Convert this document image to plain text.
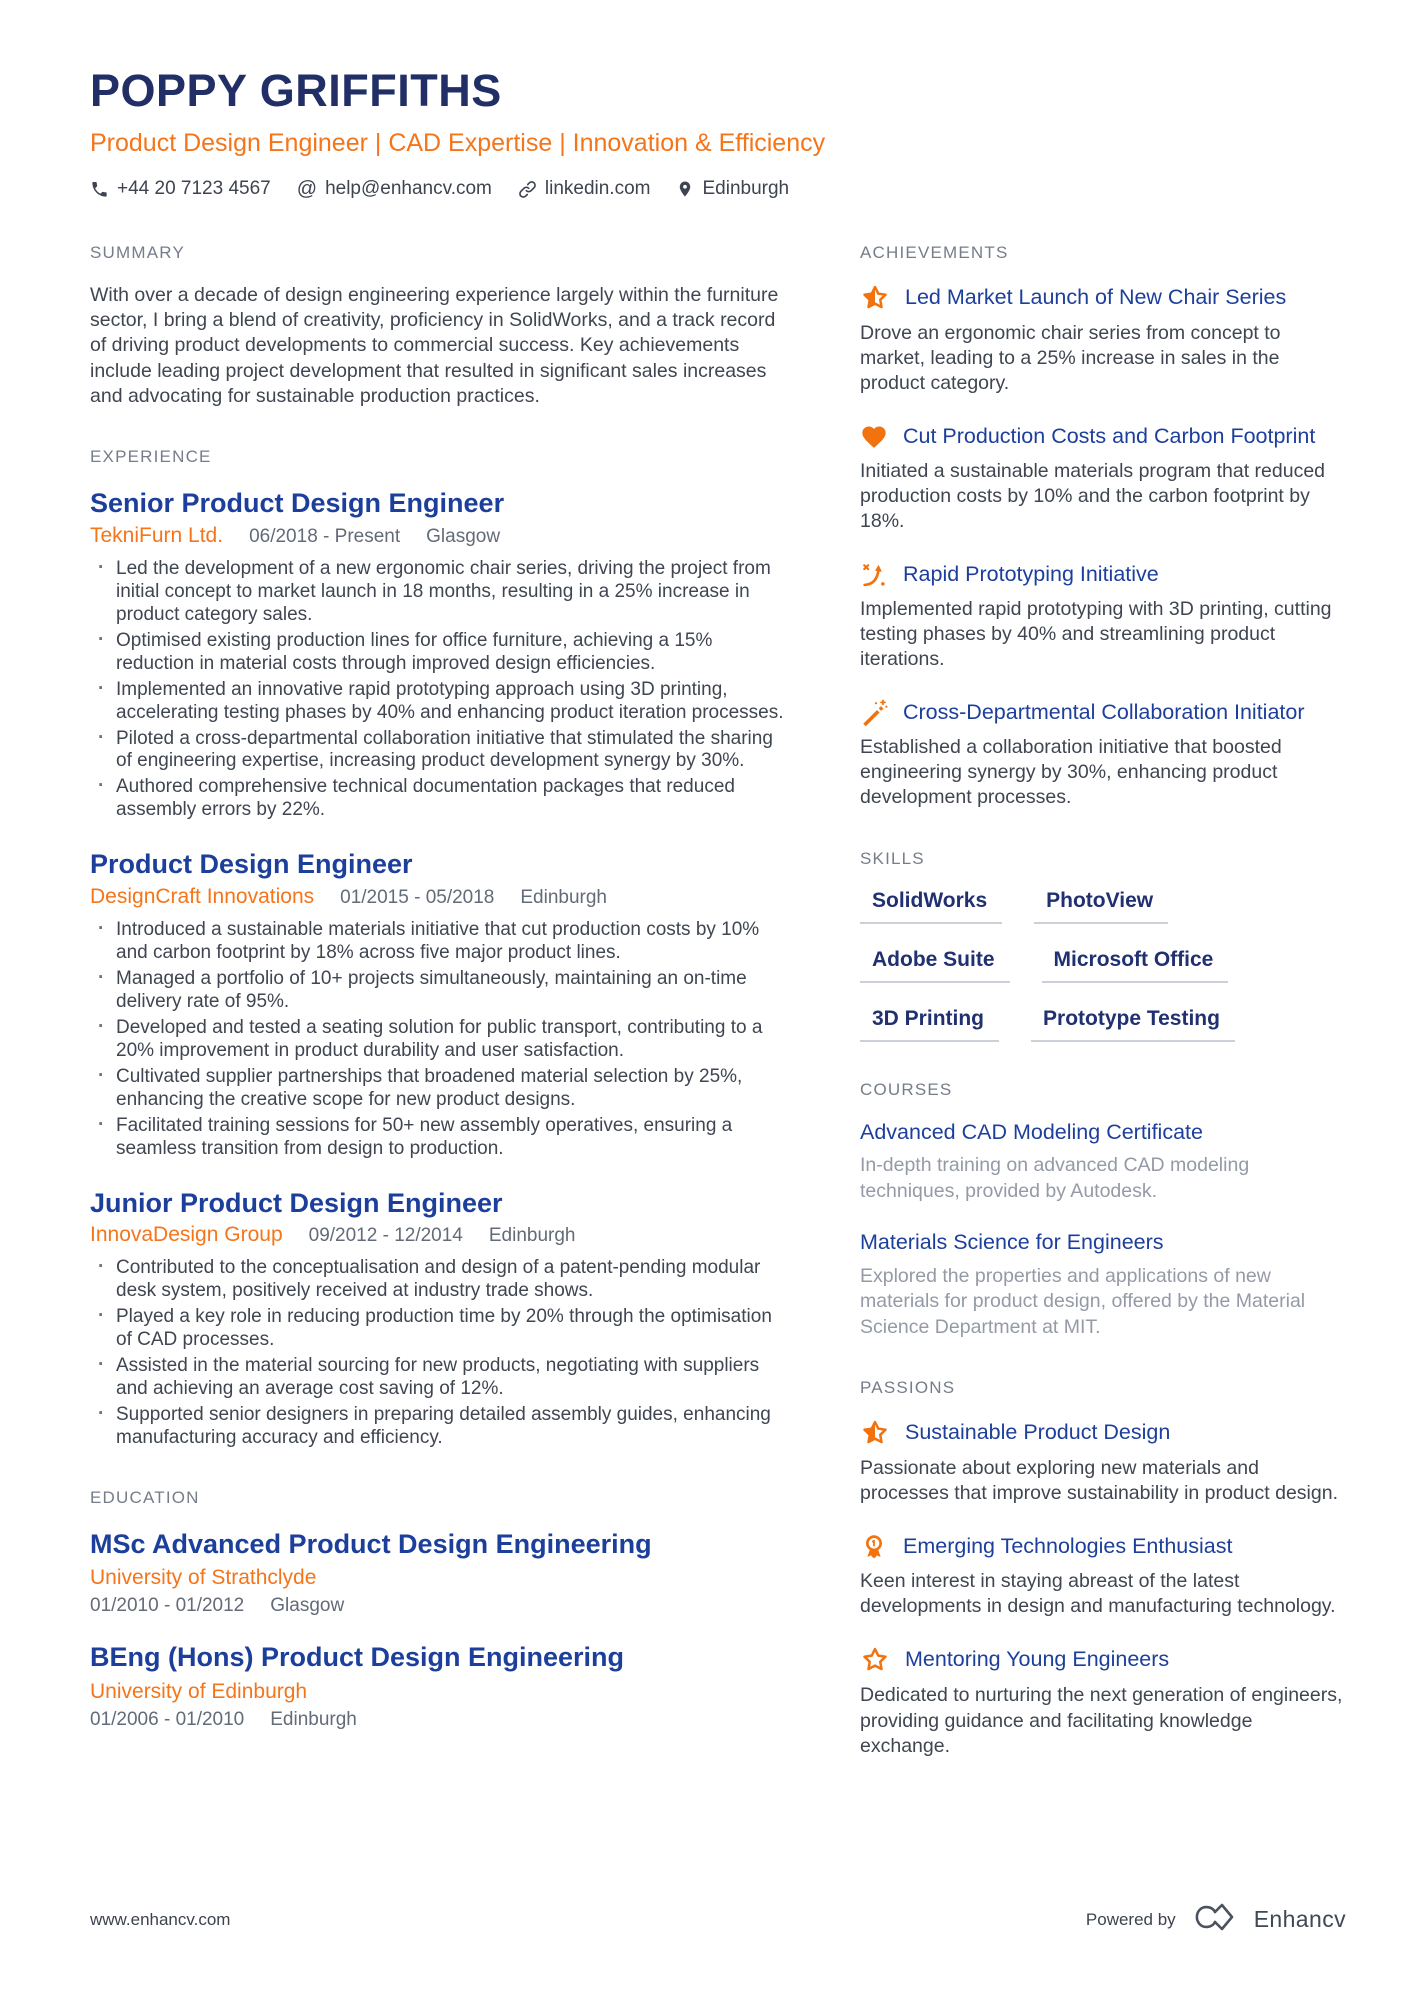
POPPY GRIFFITHS
Product Design Engineer | CAD Expertise | Innovation & Efficiency
+44 20 7123 4567 @ help@enhancv.com	linkedin.com	Edinburgh
SUMMARY
With over a decade of design engineering experience largely within the furniture sector, I bring a blend of creativity, proficiency in SolidWorks, and a track record of driving product developments to commercial success. Key achievements include leading project development that resulted in significant sales increases and advocating for sustainable production practices.
EXPERIENCE
Senior Product Design Engineer
TekniFurn Ltd. 06/2018 - Present Glasgow
· Led the development of a new ergonomic chair series, driving the project from initial concept to market launch in 18 months, resulting in a 25% increase in product category sales.
· Optimised existing production lines for office furniture, achieving a 15% reduction in material costs through improved design efficiencies.
· Implemented an innovative rapid prototyping approach using 3D printing, accelerating testing phases by 40% and enhancing product iteration processes.
· Piloted a cross-departmental collaboration initiative that stimulated the sharing of engineering expertise, increasing product development synergy by 30%.
· Authored comprehensive technical documentation packages that reduced assembly errors by 22%.
Product Design Engineer
DesignCraft Innovations 01/2015 - 05/2018 Edinburgh
· Introduced a sustainable materials initiative that cut production costs by 10% and carbon footprint by 18% across five major product lines.
· Managed a portfolio of 10+ projects simultaneously, maintaining an on-time delivery rate of 95%.
· Developed and tested a seating solution for public transport, contributing to a 20% improvement in product durability and user satisfaction.
· Cultivated supplier partnerships that broadened material selection by 25%, enhancing the creative scope for new product designs.
· Facilitated training sessions for 50+ new assembly operatives, ensuring a seamless transition from design to production.
Junior Product Design Engineer
InnovaDesign Group 09/2012 - 12/2014 Edinburgh
· Contributed to the conceptualisation and design of a patent-pending modular desk system, positively received at industry trade shows.
· Played a key role in reducing production time by 20% through the optimisation of CAD processes.
· Assisted in the material sourcing for new products, negotiating with suppliers and achieving an average cost saving of 12%.
· Supported senior designers in preparing detailed assembly guides, enhancing manufacturing accuracy and efficiency.
EDUCATION
MSc Advanced Product Design Engineering
University of Strathclyde
01/2010 - 01/2012 Glasgow
BEng (Hons) Product Design Engineering
University of Edinburgh
01/2006 - 01/2010 Edinburgh
ACHIEVEMENTS
Led Market Launch of New Chair Series
Drove an ergonomic chair series from concept to market, leading to a 25% increase in sales in the product category.
Cut Production Costs and Carbon Footprint
Initiated a sustainable materials program that reduced production costs by 10% and the carbon footprint by 18%.
Rapid Prototyping Initiative
Implemented rapid prototyping with 3D printing, cutting testing phases by 40% and streamlining product iterations.
Cross-Departmental Collaboration Initiator
Established a collaboration initiative that boosted engineering synergy by 30%, enhancing product development processes.
SKILLS
SolidWorks	PhotoView
Adobe Suite	Microsoft Office
3D Printing	Prototype Testing
COURSES
Advanced CAD Modeling Certificate
In-depth training on advanced CAD modeling techniques, provided by Autodesk.
Materials Science for Engineers
Explored the properties and applications of new materials for product design, offered by the Material Science Department at MIT.
PASSIONS
Sustainable Product Design
Passionate about exploring new materials and processes that improve sustainability in product design.
Emerging Technologies Enthusiast
Keen interest in staying abreast of the latest developments in design and manufacturing technology.
Mentoring Young Engineers
Dedicated to nurturing the next generation of engineers, providing guidance and facilitating knowledge exchange.
www.enhancv.com	Powered by	Enhancv
